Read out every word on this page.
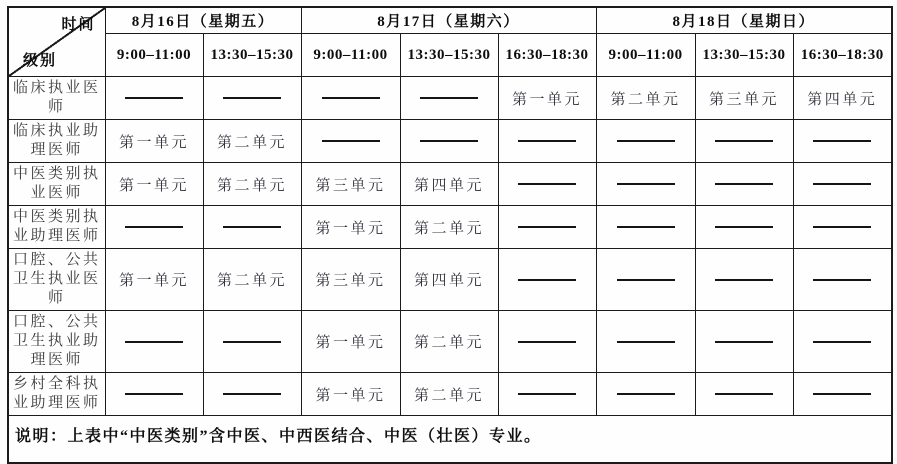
时间
级别	8月16日（星期五）		8月17日（星期六）			8月18日（星期日）		
	9:00–11:00	13:30–15:30	9:00–11:00	13:30–15:30	16:30–18:30	9:00–11:00	13:30–15:30	16:30–18:30
临床执业医师					第一单元	第二单元	第三单元	第四单元
临床执业助理医师	第一单元	第二单元						
中医类别执业医师	第一单元	第二单元	第三单元	第四单元				
中医类别执业助理医师			第一单元	第二单元				
口腔、公共卫生执业医师	第一单元	第二单元	第三单元	第四单元				
口腔、公共卫生执业助理医师			第一单元	第二单元				
乡村全科执业助理医师			第一单元	第二单元				
说明：上表中“中医类别”含中医、中西医结合、中医（壮医）专业。								
